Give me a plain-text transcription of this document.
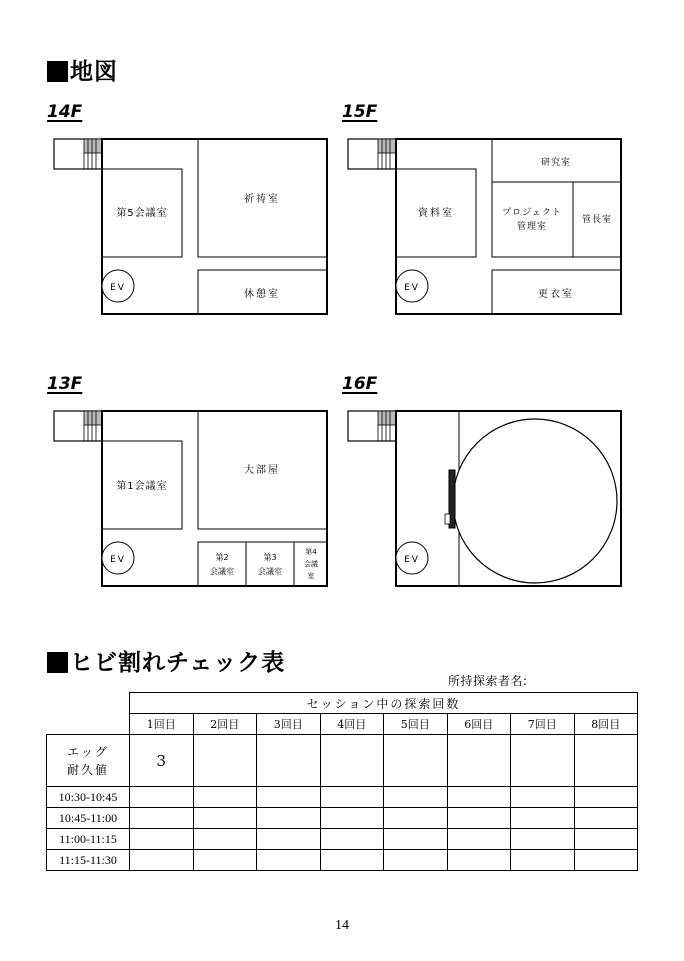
地図
14F	15F
13F	16F
第5会議室
祈祷室
休憩室
EV
研究室
資料室	プロジェクト
管理室
管長室
更衣室
EV
第1会議室
大部屋
第2
会議室
第3
会議室
第4
会議
室
EV	EV
ヒビ割れチェック表
所持探索者名:
	セッション中の探索回数							
	1回目	2回目	3回目	4回目	5回目	6回目	7回目	8回目

エッグ
耐久値	3							
10:30-10:45								
10:45-11:00								
11:00-11:15								
11:15-11:30								
14
